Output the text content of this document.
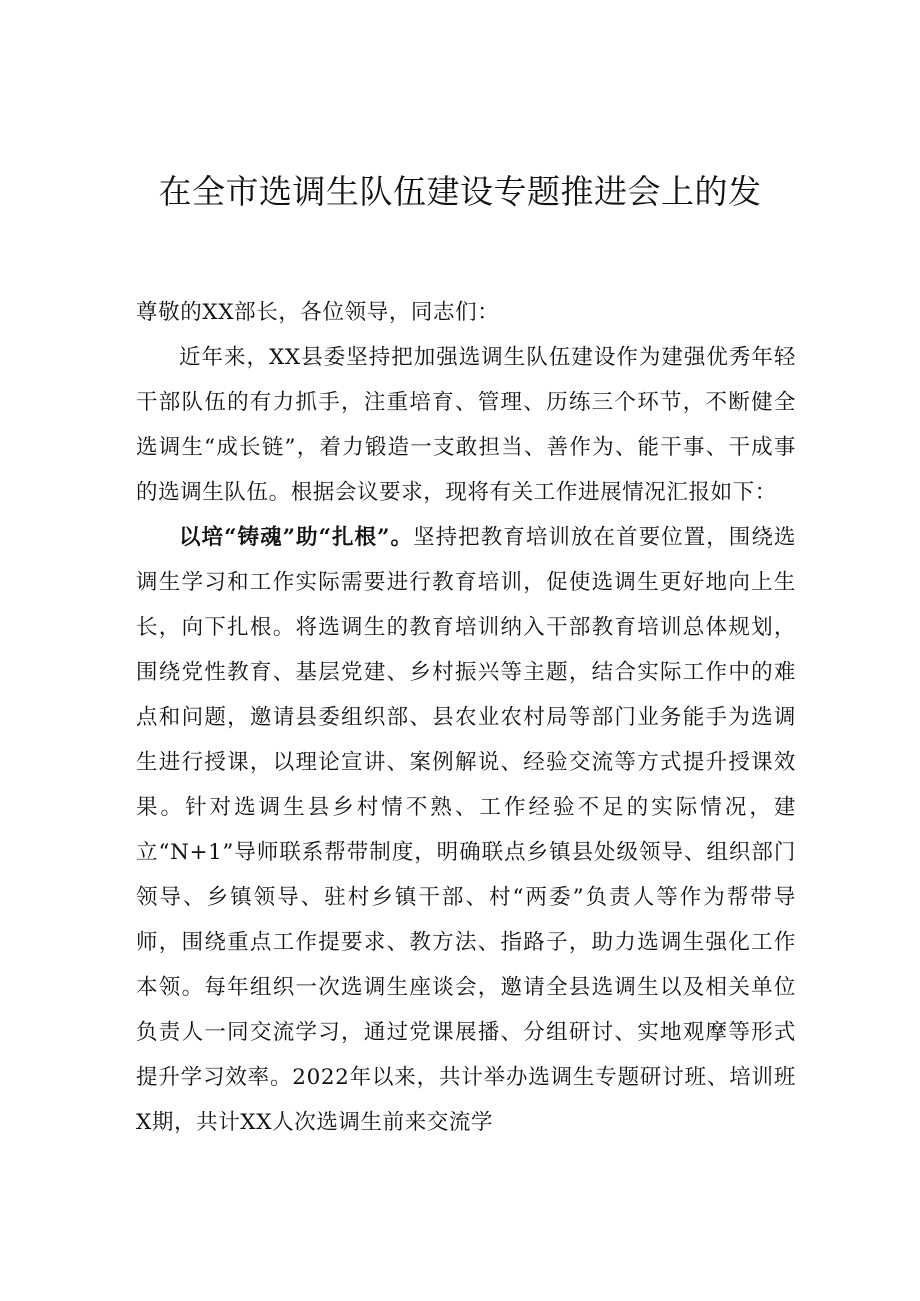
在全市选调生队伍建设专题推进会上的发

尊敬的XX部长，各位领导，同志们：

近年来，XX县委坚持把加强选调生队伍建设作为建强优秀年轻干部队伍的有力抓手，注重培育、管理、历练三个环节，不断健全选调生“成长链”，着力锻造一支敢担当、善作为、能干事、干成事的选调生队伍。根据会议要求，现将有关工作进展情况汇报如下：

以培“铸魂”助“扎根”。坚持把教育培训放在首要位置，围绕选调生学习和工作实际需要进行教育培训，促使选调生更好地向上生长，向下扎根。将选调生的教育培训纳入干部教育培训总体规划，围绕党性教育、基层党建、乡村振兴等主题，结合实际工作中的难点和问题，邀请县委组织部、县农业农村局等部门业务能手为选调生进行授课，以理论宣讲、案例解说、经验交流等方式提升授课效果。针对选调生县乡村情不熟、工作经验不足的实际情况，建立“N+1”导师联系帮带制度，明确联点乡镇县处级领导、组织部门领导、乡镇领导、驻村乡镇干部、村“两委”负责人等作为帮带导师，围绕重点工作提要求、教方法、指路子，助力选调生强化工作本领。每年组织一次选调生座谈会，邀请全县选调生以及相关单位负责人一同交流学习，通过党课展播、分组研讨、实地观摩等形式提升学习效率。2022年以来，共计举办选调生专题研讨班、培训班X期，共计XX人次选调生前来交流学
